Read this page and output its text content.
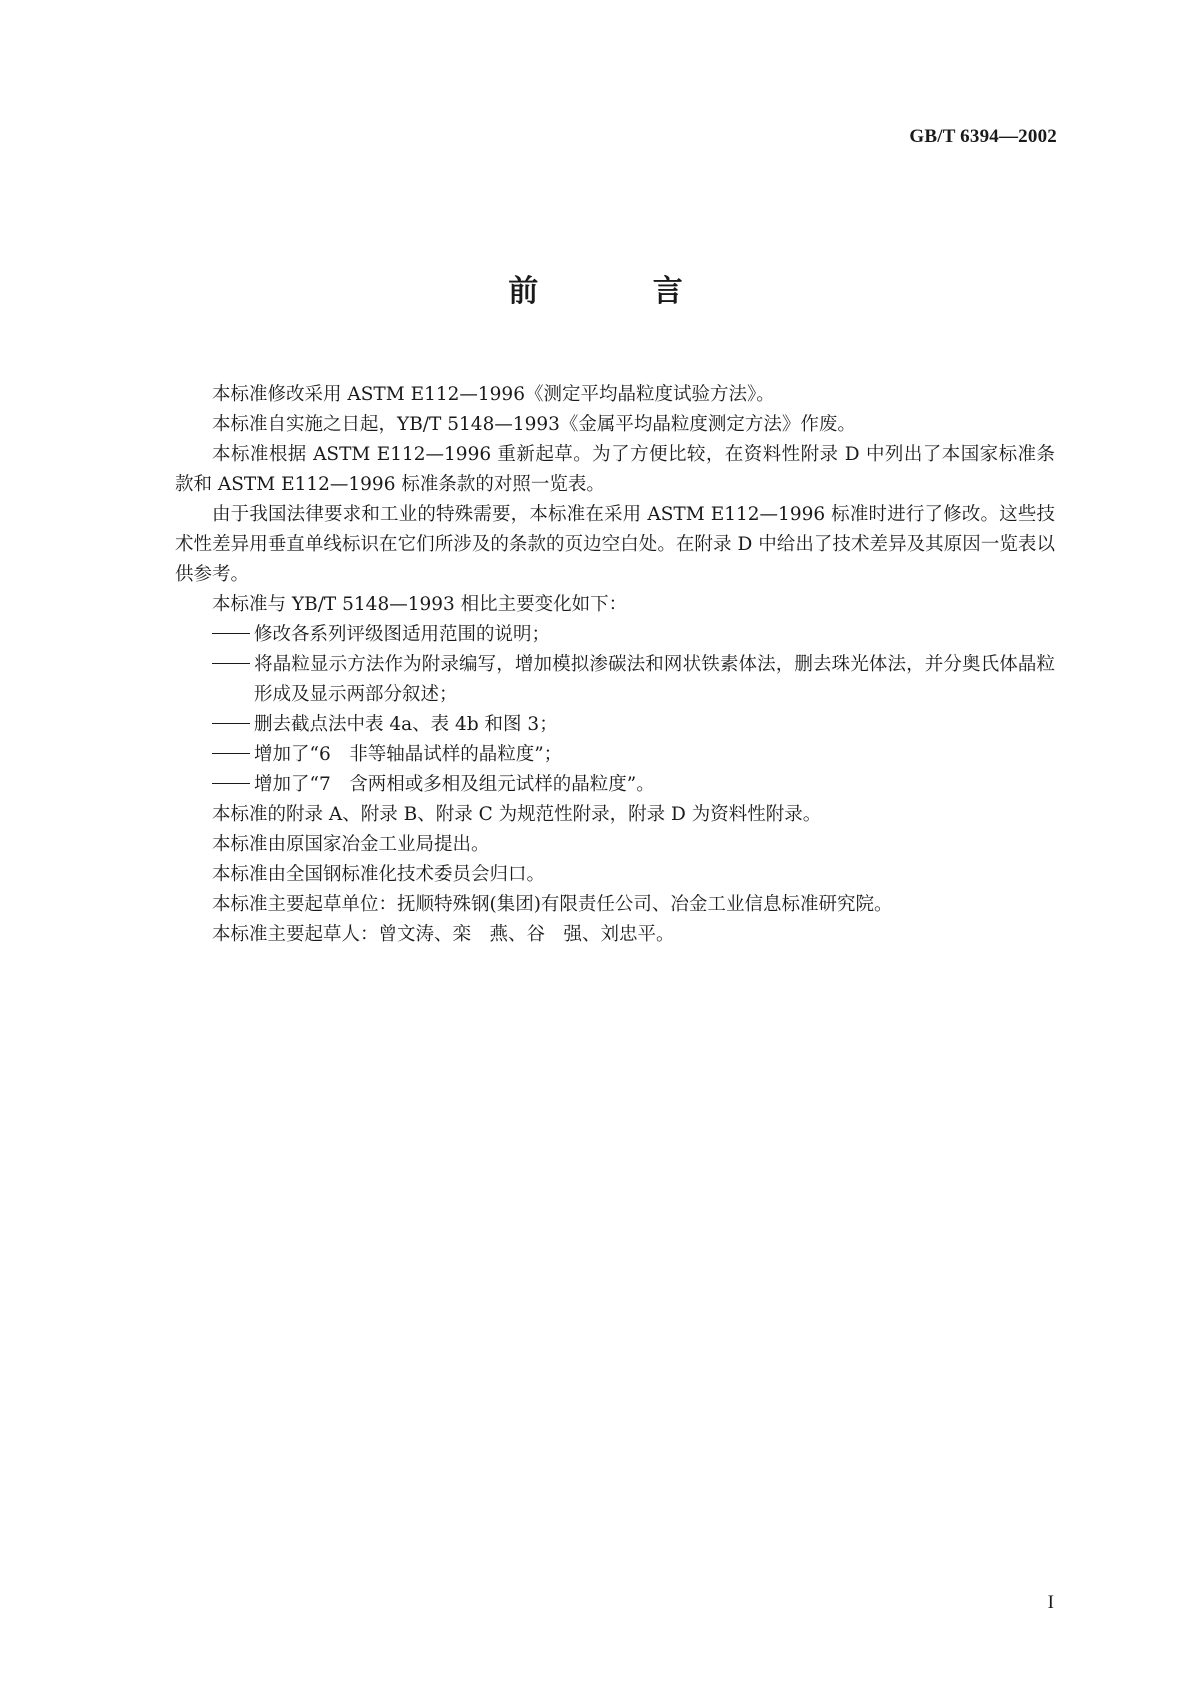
GB/T 6394—2002
前 言

本标准修改采用 ASTM E112—1996《测定平均晶粒度试验方法》。

本标准自实施之日起，YB/T 5148—1993《金属平均晶粒度测定方法》作废。

本标准根据 ASTM E112—1996 重新起草。为了方便比较，在资料性附录 D 中列出了本国家标准条款和 ASTM E112—1996 标准条款的对照一览表。

由于我国法律要求和工业的特殊需要，本标准在采用 ASTM E112—1996 标准时进行了修改。这些技术性差异用垂直单线标识在它们所涉及的条款的页边空白处。在附录 D 中给出了技术差异及其原因一览表以供参考。

本标准与 YB/T 5148—1993 相比主要变化如下：

修改各系列评级图适用范围的说明；

将晶粒显示方法作为附录编写，增加模拟渗碳法和网状铁素体法，删去珠光体法，并分奥氏体晶粒形成及显示两部分叙述；

删去截点法中表 4a、表 4b 和图 3；

增加了“6　非等轴晶试样的晶粒度”；

增加了“7　含两相或多相及组元试样的晶粒度”。

本标准的附录 A、附录 B、附录 C 为规范性附录，附录 D 为资料性附录。

本标准由原国家冶金工业局提出。

本标准由全国钢标准化技术委员会归口。

本标准主要起草单位：抚顺特殊钢(集团)有限责任公司、冶金工业信息标准研究院。

本标准主要起草人：曾文涛、栾　燕、谷　强、刘忠平。

I
